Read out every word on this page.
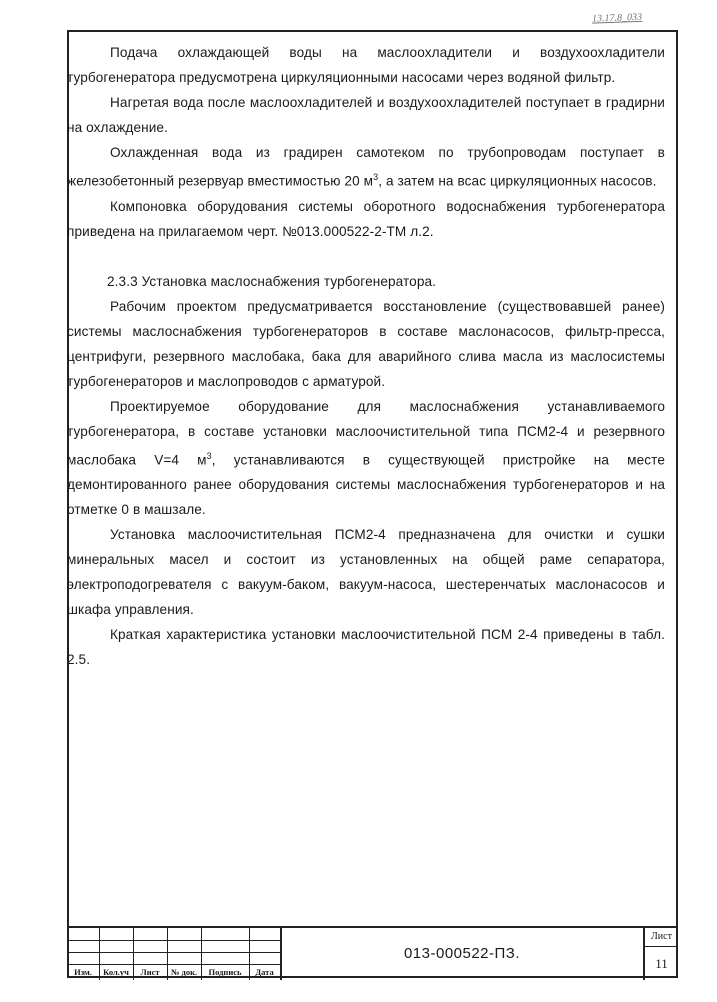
13.17.8_033

Подача охлаждающей воды на маслоохладители и воздухоохладители турбогенератора предусмотрена циркуляционными насосами через водяной фильтр.

Нагретая вода после маслоохладителей и воздухоохладителей поступает в градирни на охлаждение.

Охлажденная вода из градирен самотеком по трубопроводам поступает в железобетонный резервуар вместимостью 20 $м^3$, а затем на всас циркуляционных насосов.

Компоновка оборудования системы оборотного водоснабжения турбогенератора приведена на прилагаемом черт. №013.000522-2-ТМ л.2.

2.3.3 Установка маслоснабжения турбогенератора.

Рабочим проектом предусматривается восстановление (существовавшей ранее) системы маслоснабжения турбогенераторов в составе маслонасосов, фильтр-пресса, центрифуги, резервного маслобака, бака для аварийного слива масла из маслосистемы турбогенераторов и маслопроводов с арматурой.

Проектируемое оборудование для маслоснабжения устанавливаемого турбогенератора, в составе установки маслоочистительной типа ПСМ2-4 и резервного маслобака V=4 $м^3$, устанавливаются в существующей пристройке на месте демонтированного ранее оборудования системы маслоснабжения турбогенераторов и на отметке 0 в машзале.

Установка маслоочистительная ПСМ2-4 предназначена для очистки и сушки минеральных масел и состоит из установленных на общей раме сепаратора, электроподогревателя с вакуум-баком, вакуум-насоса, шестеренчатых маслонасосов и шкафа управления.

Краткая характеристика установки маслоочистительной ПСМ 2-4 приведены в табл. 2.5.

Изм.	Кол.уч	Лист	№ док.	Подпись	Дата
013-000522-ПЗ.
Лист
11
